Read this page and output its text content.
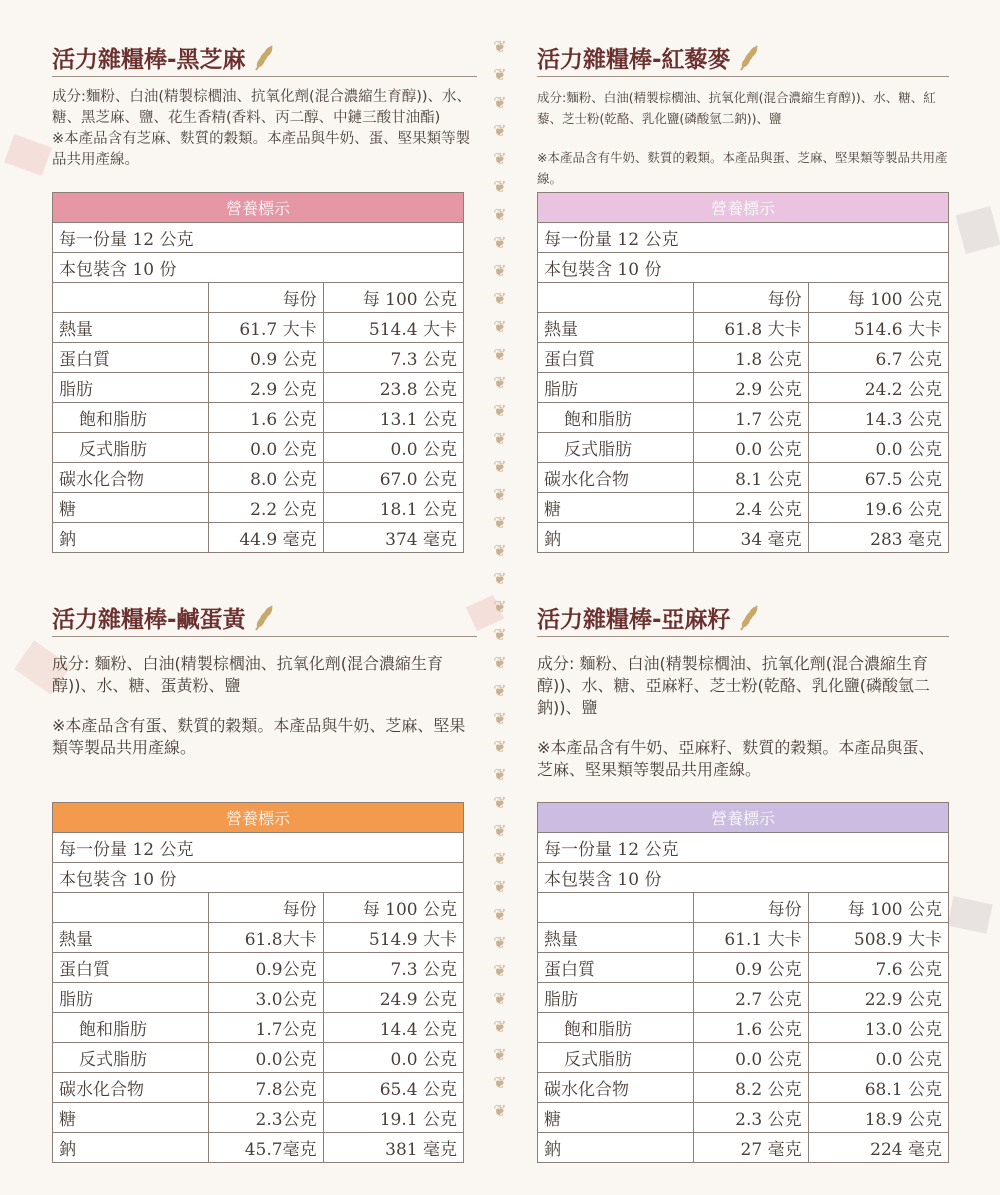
❦
❦
❦
❦
❦
❦
❦
❦
❦
❦
❦
❦
❦
❦
❦
❦
❦
❦
❦
❦
❦
❦
❦
❦
❦
❦
❦
❦
❦
❦
❦
❦
❦
❦
❦
❦
❦
❦
❦
活力雜糧棒-黑芝麻
成分:麵粉、白油(精製棕櫚油、抗氧化劑(混合濃縮生育醇))、水、糖、黑芝麻、鹽、花生香精(香料、丙二醇、中鏈三酸甘油酯)
※本產品含有芝麻、麩質的穀類。本產品與牛奶、蛋、堅果類等製品共用產線。
營養標示		
每一份量 12 公克		
本包裝含 10 份		
	每份	每 100 公克
熱量	61.7 大卡	514.4 大卡
蛋白質	0.9 公克	7.3 公克
脂肪	2.9 公克	23.8 公克
飽和脂肪	1.6 公克	13.1 公克
反式脂肪	0.0 公克	0.0 公克
碳水化合物	8.0 公克	67.0 公克
糖	2.2 公克	18.1 公克
鈉	44.9 毫克	374 毫克
活力雜糧棒-紅藜麥
成分:麵粉、白油(精製棕櫚油、抗氧化劑(混合濃縮生育醇))、水、糖、紅藜、芝士粉(乾酪、乳化鹽(磷酸氫二鈉))、鹽
※本產品含有牛奶、麩質的穀類。本產品與蛋、芝麻、堅果類等製品共用產線。
營養標示		
每一份量 12 公克		
本包裝含 10 份		
	每份	每 100 公克
熱量	61.8 大卡	514.6 大卡
蛋白質	1.8 公克	6.7 公克
脂肪	2.9 公克	24.2 公克
飽和脂肪	1.7 公克	14.3 公克
反式脂肪	0.0 公克	0.0 公克
碳水化合物	8.1 公克	67.5 公克
糖	2.4 公克	19.6 公克
鈉	34 毫克	283 毫克
活力雜糧棒-鹹蛋黃
成分: 麵粉、白油(精製棕櫚油、抗氧化劑(混合濃縮生育醇))、水、糖、蛋黃粉、鹽
※本產品含有蛋、麩質的穀類。本產品與牛奶、芝麻、堅果類等製品共用產線。
營養標示		
每一份量 12 公克		
本包裝含 10 份		
	每份	每 100 公克
熱量	61.8大卡	514.9 大卡
蛋白質	0.9公克	7.3 公克
脂肪	3.0公克	24.9 公克
飽和脂肪	1.7公克	14.4 公克
反式脂肪	0.0公克	0.0 公克
碳水化合物	7.8公克	65.4 公克
糖	2.3公克	19.1 公克
鈉	45.7毫克	381 毫克
活力雜糧棒-亞麻籽
成分: 麵粉、白油(精製棕櫚油、抗氧化劑(混合濃縮生育醇))、水、糖、亞麻籽、芝士粉(乾酪、乳化鹽(磷酸氫二鈉))、鹽
※本產品含有牛奶、亞麻籽、麩質的穀類。本產品與蛋、芝麻、堅果類等製品共用產線。
營養標示		
每一份量 12 公克		
本包裝含 10 份		
	每份	每 100 公克
熱量	61.1 大卡	508.9 大卡
蛋白質	0.9 公克	7.6 公克
脂肪	2.7 公克	22.9 公克
飽和脂肪	1.6 公克	13.0 公克
反式脂肪	0.0 公克	0.0 公克
碳水化合物	8.2 公克	68.1 公克
糖	2.3 公克	18.9 公克
鈉	27 毫克	224 毫克
